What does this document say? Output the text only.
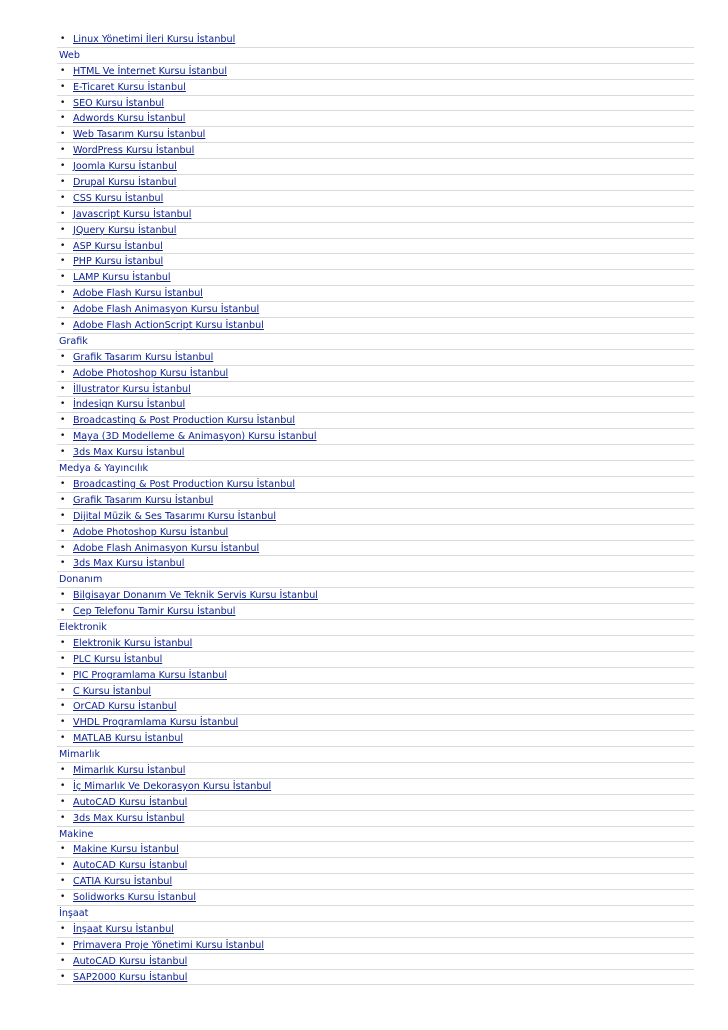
• Linux Yönetimi İleri Kursu İstanbul
Web
• HTML Ve İnternet Kursu İstanbul
• E-Ticaret Kursu İstanbul
• SEO Kursu İstanbul
• Adwords Kursu İstanbul
• Web Tasarım Kursu İstanbul
• WordPress Kursu İstanbul
• Joomla Kursu İstanbul
• Drupal Kursu İstanbul
• CSS Kursu İstanbul
• Javascript Kursu İstanbul
• JQuery Kursu İstanbul
• ASP Kursu İstanbul
• PHP Kursu İstanbul
• LAMP Kursu İstanbul
• Adobe Flash Kursu İstanbul
• Adobe Flash Animasyon Kursu İstanbul
• Adobe Flash ActionScript Kursu İstanbul
Grafik
• Grafik Tasarım Kursu İstanbul
• Adobe Photoshop Kursu İstanbul
• İllustrator Kursu İstanbul
• İndesign Kursu İstanbul
• Broadcasting & Post Production Kursu İstanbul
• Maya (3D Modelleme & Animasyon) Kursu İstanbul
• 3ds Max Kursu İstanbul
Medya & Yayıncılık
• Broadcasting & Post Production Kursu İstanbul
• Grafik Tasarım Kursu İstanbul
• Dijital Müzik & Ses Tasarımı Kursu İstanbul
• Adobe Photoshop Kursu İstanbul
• Adobe Flash Animasyon Kursu İstanbul
• 3ds Max Kursu İstanbul
Donanım
• Bilgisayar Donanım Ve Teknik Servis Kursu İstanbul
• Cep Telefonu Tamir Kursu İstanbul
Elektronik
• Elektronik Kursu İstanbul
• PLC Kursu İstanbul
• PIC Programlama Kursu İstanbul
• C Kursu İstanbul
• OrCAD Kursu İstanbul
• VHDL Programlama Kursu İstanbul
• MATLAB Kursu İstanbul
Mimarlık
• Mimarlık Kursu İstanbul
• İç Mimarlık Ve Dekorasyon Kursu İstanbul
• AutoCAD Kursu İstanbul
• 3ds Max Kursu İstanbul
Makine
• Makine Kursu İstanbul
• AutoCAD Kursu İstanbul
• CATIA Kursu İstanbul
• Solidworks Kursu İstanbul
İnşaat
• İnşaat Kursu İstanbul
• Primavera Proje Yönetimi Kursu İstanbul
• AutoCAD Kursu İstanbul
• SAP2000 Kursu İstanbul
